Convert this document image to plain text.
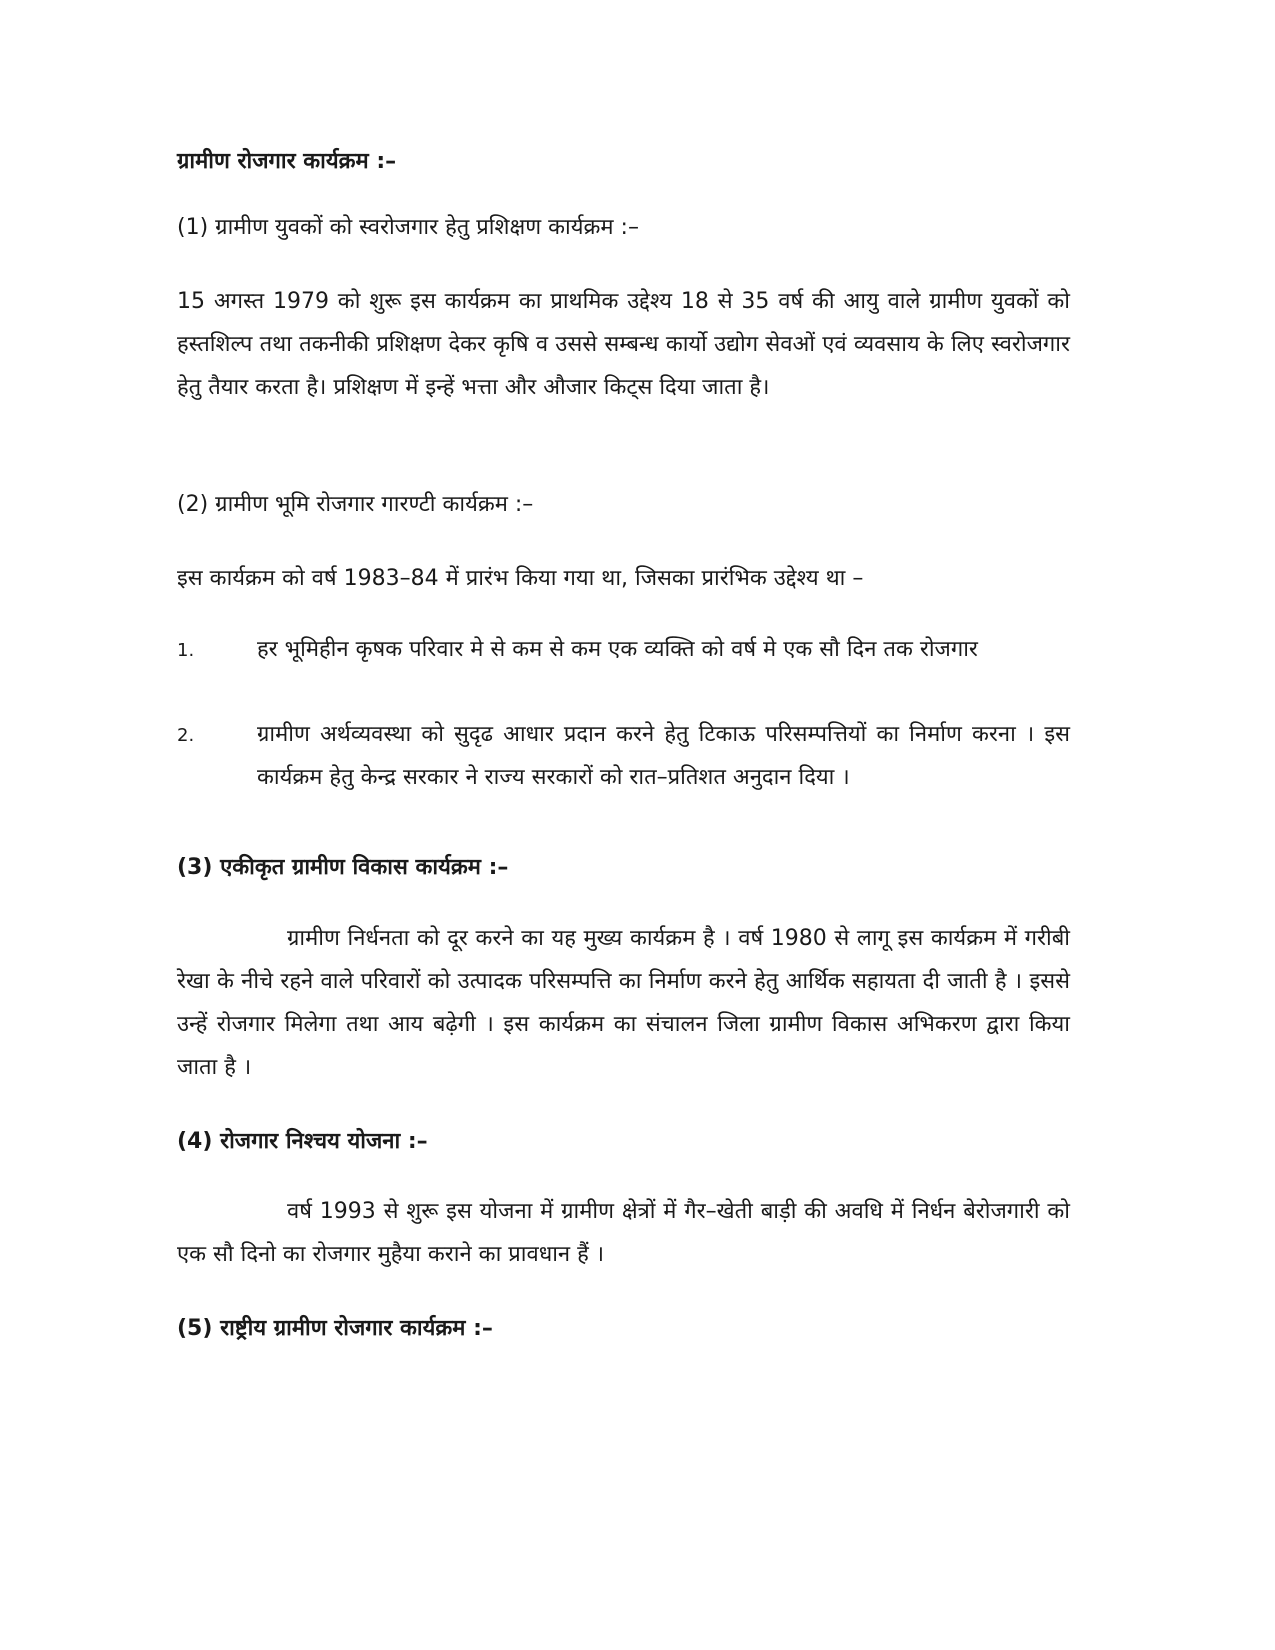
ग्रामीण रोजगार कार्यक्रम :–
(1) ग्रामीण युवकों को स्वरोजगार हेतु प्रशिक्षण कार्यक्रम :–

15 अगस्त 1979 को शुरू इस कार्यक्रम का प्राथमिक उद्देश्य 18 से 35 वर्ष की आयु वाले ग्रामीण युवकों को हस्तशिल्प तथा तकनीकी प्रशिक्षण देकर कृषि व उससे सम्बन्ध कार्यो उद्योग सेवओं एवं व्यवसाय के लिए स्वरोजगार हेतु तैयार करता है। प्रशिक्षण में इन्हें भत्ता और औजार किट्स दिया जाता है।

(2) ग्रामीण भूमि रोजगार गारण्टी कार्यक्रम :–

इस कार्यक्रम को वर्ष 1983–84 में प्रारंभ किया गया था, जिसका प्रारंभिक उद्देश्य था –

1.	हर भूमिहीन कृषक परिवार मे से कम से कम एक व्यक्ति को वर्ष मे एक सौ दिन तक रोजगार
2.	ग्रामीण अर्थव्यवस्था को सुदृढ आधार प्रदान करने हेतु टिकाऊ परिसम्पत्तियों का निर्माण करना । इस कार्यक्रम हेतु केन्द्र सरकार ने राज्य सरकारों को रात–प्रतिशत अनुदान दिया ।
(3) एकीकृत ग्रामीण विकास कार्यक्रम :–

ग्रामीण निर्धनता को दूर करने का यह मुख्य कार्यक्रम है । वर्ष 1980 से लागू इस कार्यक्रम में गरीबी रेखा के नीचे रहने वाले परिवारों को उत्पादक परिसम्पत्ति का निर्माण करने हेतु आर्थिक सहायता दी जाती है । इससे उन्हें रोजगार मिलेगा तथा आय बढ़ेगी । इस कार्यक्रम का संचालन जिला ग्रामीण विकास अभिकरण द्वारा किया जाता है ।

(4) रोजगार निश्चय योजना :–

वर्ष 1993 से शुरू इस योजना में ग्रामीण क्षेत्रों में गैर–खेती बाड़ी की अवधि में निर्धन बेरोजगारी को एक सौ दिनो का रोजगार मुहैया कराने का प्रावधान हैं ।

(5) राष्ट्रीय ग्रामीण रोजगार कार्यक्रम :–
